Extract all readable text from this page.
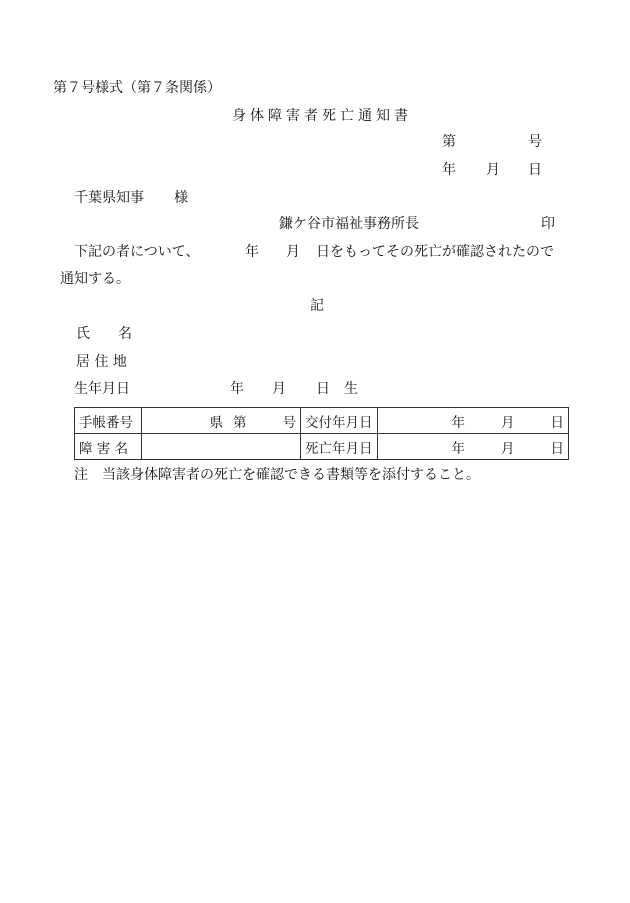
第７号様式（第７条関係）
身体障害者死亡通知書
第	号
年 月 日
千葉県知事 様
鎌ケ谷市福祉事務所長	印
下記の者について、	年 月 日をもってその死亡が確認されたので
通知する。
記
氏　　名
居 住 地
生年月日	年 月 日 生
手帳番号	県 第 号	交付年月日	年 月 日
障 害 名		死亡年月日	年 月 日
注　当該身体障害者の死亡を確認できる書類等を添付すること。
